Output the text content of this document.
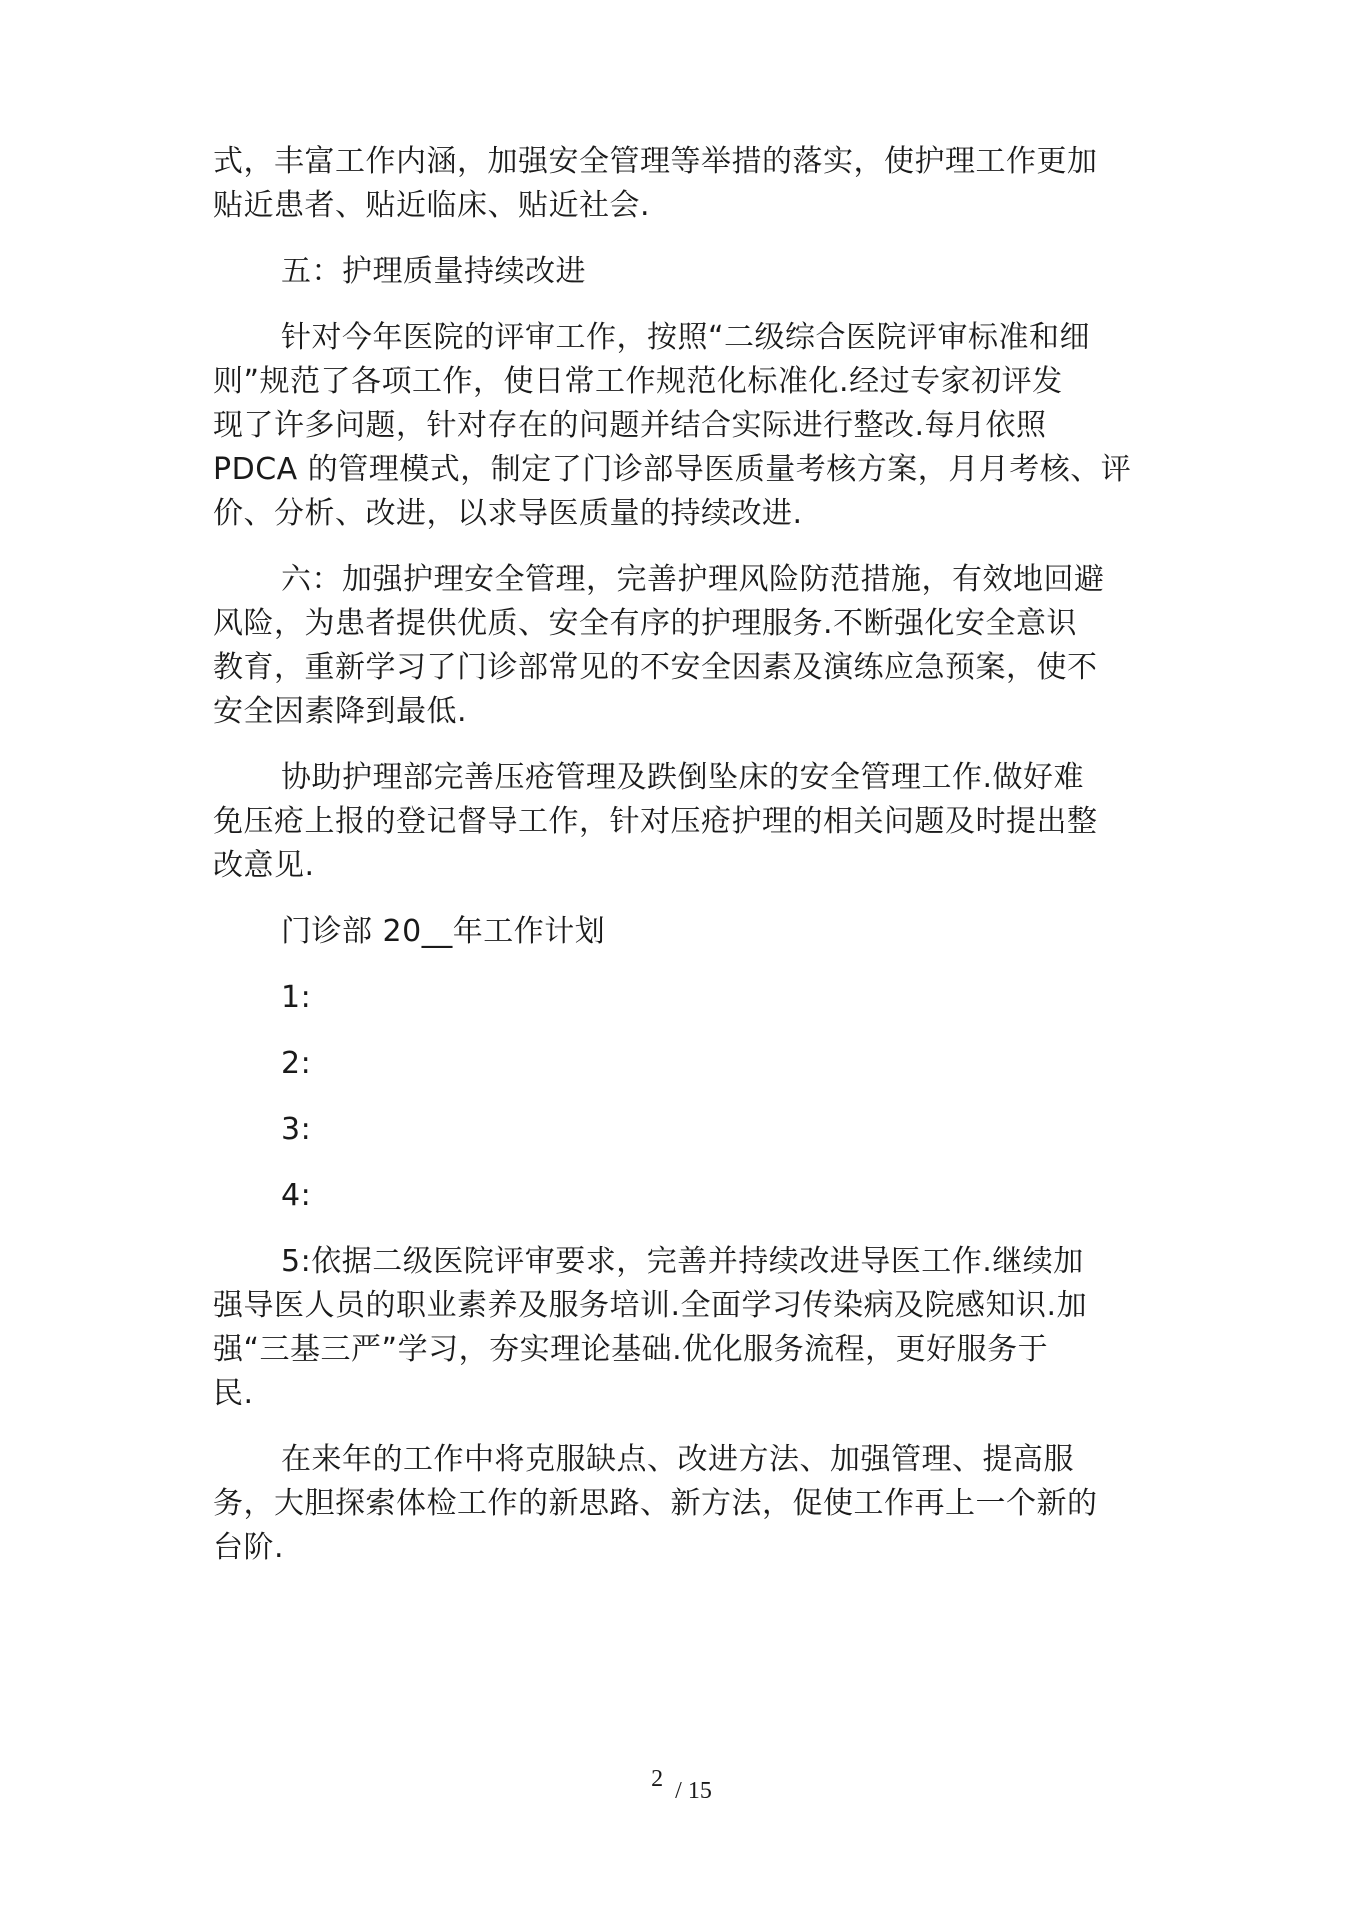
式，丰富工作内涵，加强安全管理等举措的落实，使护理工作更加
贴近患者、贴近临床、贴近社会.
五：护理质量持续改进
针对今年医院的评审工作，按照“二级综合医院评审标准和细
则”规范了各项工作，使日常工作规范化标准化.经过专家初评发
现了许多问题，针对存在的问题并结合实际进行整改.每月依照
PDCA 的管理模式，制定了门诊部导医质量考核方案，月月考核、评
价、分析、改进，以求导医质量的持续改进.
六：加强护理安全管理，完善护理风险防范措施，有效地回避
风险，为患者提供优质、安全有序的护理服务.不断强化安全意识
教育，重新学习了门诊部常见的不安全因素及演练应急预案，使不
安全因素降到最低.
协助护理部完善压疮管理及跌倒坠床的安全管理工作.做好难
免压疮上报的登记督导工作，针对压疮护理的相关问题及时提出整
改意见.
门诊部 20__年工作计划
1:
2:
3:
4:
5:依据二级医院评审要求，完善并持续改进导医工作.继续加
强导医人员的职业素养及服务培训.全面学习传染病及院感知识.加
强“三基三严”学习，夯实理论基础.优化服务流程，更好服务于
民.
在来年的工作中将克服缺点、改进方法、加强管理、提高服
务，大胆探索体检工作的新思路、新方法，促使工作再上一个新的
台阶.
2 / 15
